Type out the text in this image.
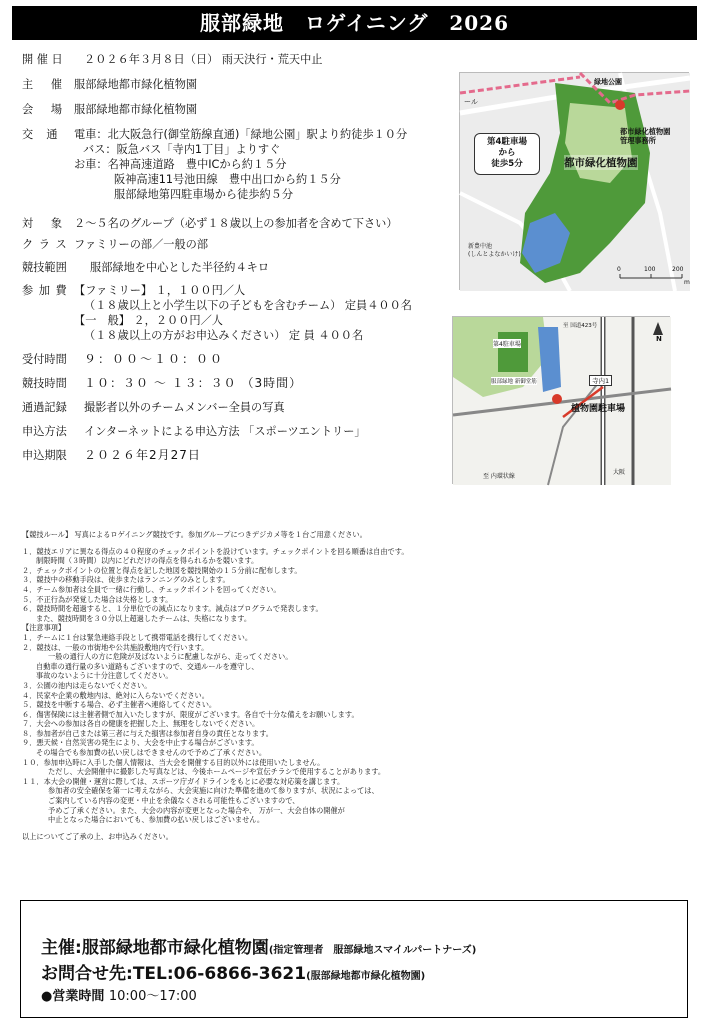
服部緑地　ロゲイニング　2026
開 催 日	２０２６年３月８日（日） 雨天決行・荒天中止
主　 催 服部緑地都市緑化植物園
会　 場 服部緑地都市緑化植物園
交　通	電車：北大阪急行(御堂筋線直通)「緑地公園」駅より約徒歩１０分
バス：阪急バス「寺内1丁目」よりすぐ
お車：名神高速道路　豊中ICから約１５分
阪神高速11号池田線　豊中出口から約１５分
服部緑地第四駐車場から徒歩約５分
対　 象 ２～５名のグループ（必ず１８歳以上の参加者を含めて下さい）
ク ラ ス ファミリーの部／一般の部
競技範囲	服部緑地を中心とした半径約４キロ
参 加 費 【ファミリー】 １，１００円／人
（１８歳以上と小学生以下の子どもを含むチーム） 定員４００名
【一　般】 ２，２００円／人
（１８歳以上の方がお申込みください） 定 員 ４００名
受付時間	９：００～１０：００
競技時間	１０：３０ ～ １３：３０ （3時間）
通過記録	撮影者以外のチームメンバー全員の写真
申込方法	インターネットによる申込方法 「スポーツエントリー」
申込期限	２０２６年2月27日
ール
緑地公園
第4駐車場
から
徒歩5分
都市緑化植物園
管理事務所
都市緑化植物園
新豊中池
(しんとよなかいけ)
0	100	200
m
植物園駐車場
寺内1
N
大阪
至 内環状線
第4駐車場
至 国道423号
服部緑地 新御堂筋
【競技ルール】 写真によるロゲイニング競技です。参加グループにつきデジカメ等を１台ご用意ください。
１．競技エリアに異なる得点の４０程度のチェックポイントを設けています。チェックポイントを回る順番は自由です。
制限時間（３時間）以内にどれだけの得点を得られるかを競います。
２．チェックポイントの位置と得点を記した地図を競技開始の１５分前に配布します。
３．競技中の移動手段は、徒歩またはランニングのみとします。
４．チーム参加者は全員で一緒に行動し、チェックポイントを回ってください。
５．不正行為が発覚した場合は失格とします。
６．競技時間を超過すると、１分単位での減点になります。減点はプログラムで発表します。
また、競技時間を３０分以上超過したチームは、失格になります。
【注意事項】
１．チームに１台は緊急連絡手段として携帯電話を携行してください。
２．競技は、一般の市街地や公共施設敷地内で行います。
一般の通行人の方に危険が及ばないように配慮しながら、走ってください。
自動車の通行量の多い道路もございますので、交通ルールを遵守し、
事故のないように十分注意してください。
３．公園の池内は走らないでください。
４．民家や企業の敷地内は、絶対に入らないでください。
５．競技を中断する場合、必ず主催者へ連絡してください。
６．傷害保険には主催者側で加入いたしますが、限度がございます。各自で十分な備えをお願いします。
７．大会への参加は各自の健康を把握した上、無理をしないでください。
８．参加者が自己または第三者に与えた損害は参加者自身の責任となります。
９．悪天候・自然災害の発生により、大会を中止する場合がございます。
その場合でも参加費の払い戻しはできませんので予めご了承ください。
１０．参加申込時に入手した個人情報は、当大会を開催する目的以外には使用いたしません。
ただし、大会開催中に撮影した写真などは、今後ホームページや宣伝チラシで使用することがあります。
１１．本大会の開催・運営に際しては、スポーツ庁ガイドラインをもとに必要な対応策を講じます。
参加者の安全確保を第一に考えながら、大会実施に向けた準備を進めて参りますが、状況によっては、
ご案内している内容の変更・中止を余儀なくされる可能性もございますので、
予めご了承ください。また、大会の内容が変更となった場合や、 万が一、大会自体の開催が
中止となった場合においても、参加費の払い戻しはございません。
以上についてご了承の上、お申込みください。
主催:服部緑地都市緑化植物園(指定管理者　服部緑地スマイルパートナーズ)
お問合せ先:TEL:06-6866-3621(服部緑地都市緑化植物園)
●営業時間 10:00～17:00
